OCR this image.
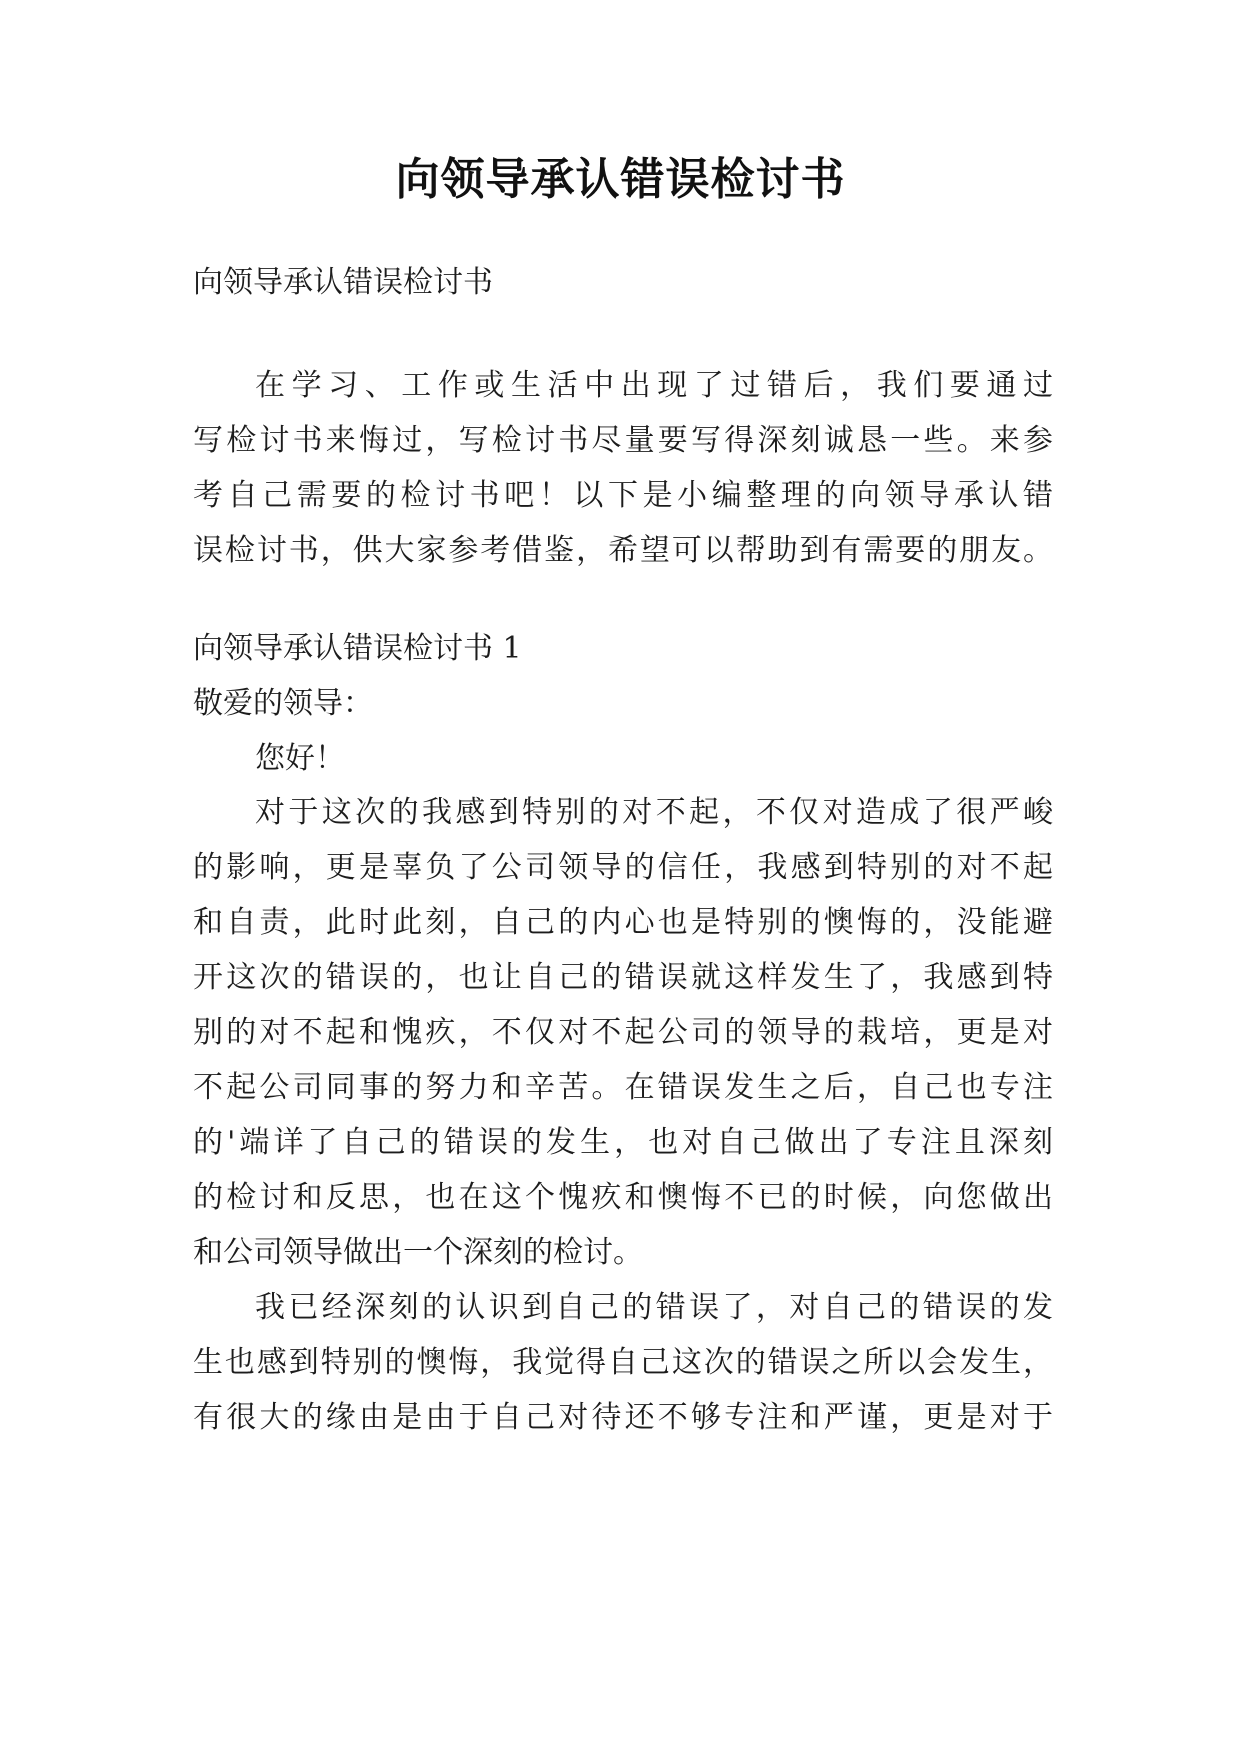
向领导承认错误检讨书
向领导承认错误检讨书
在学习、工作或生活中出现了过错后，我们要通过
写检讨书来悔过，写检讨书尽量要写得深刻诚恳一些。来参
考自己需要的检讨书吧！以下是小编整理的向领导承认错
误检讨书，供大家参考借鉴，希望可以帮助到有需要的朋友。
向领导承认错误检讨书 1
敬爱的领导：
您好！
对于这次的我感到特别的对不起，不仅对造成了很严峻
的影响，更是辜负了公司领导的信任，我感到特别的对不起
和自责，此时此刻，自己的内心也是特别的懊悔的，没能避
开这次的错误的，也让自己的错误就这样发生了，我感到特
别的对不起和愧疚，不仅对不起公司的领导的栽培，更是对
不起公司同事的努力和辛苦。在错误发生之后，自己也专注
的'端详了自己的错误的发生，也对自己做出了专注且深刻
的检讨和反思，也在这个愧疚和懊悔不已的时候，向您做出
和公司领导做出一个深刻的检讨。
我已经深刻的认识到自己的错误了，对自己的错误的发
生也感到特别的懊悔，我觉得自己这次的错误之所以会发生，
有很大的缘由是由于自己对待还不够专注和严谨，更是对于
